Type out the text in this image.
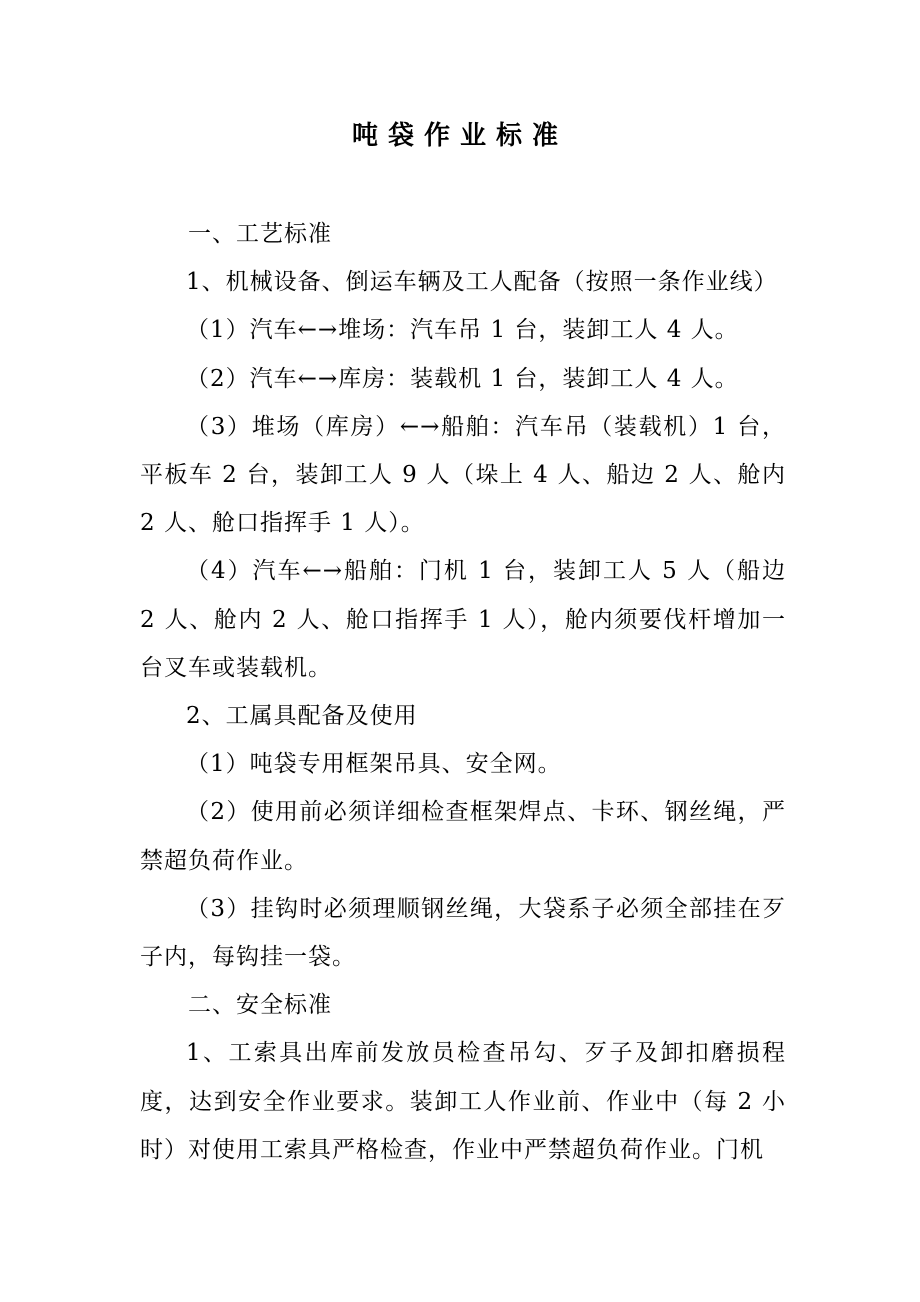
吨袋作业标准

一、工艺标准

1、机械设备、倒运车辆及工人配备（按照一条作业线）

（1）汽车←→堆场：汽车吊 1 台，装卸工人 4 人。

（2）汽车←→库房：装载机 1 台，装卸工人 4 人。

（3）堆场（库房）←→船舶：汽车吊（装载机）1 台，平板车 2 台，装卸工人 9 人（垛上 4 人、船边 2 人、舱内 2 人、舱口指挥手 1 人）。

（4）汽车←→船舶：门机 1 台，装卸工人 5 人（船边 2 人、舱内 2 人、舱口指挥手 1 人），舱内须要伐杆增加一台叉车或装载机。

2、工属具配备及使用

（1）吨袋专用框架吊具、安全网。

（2）使用前必须详细检查框架焊点、卡环、钢丝绳，严禁超负荷作业。

（3）挂钩时必须理顺钢丝绳，大袋系子必须全部挂在歹子内，每钩挂一袋。

二、安全标准

1、工索具出库前发放员检查吊勾、歹子及卸扣磨损程度，达到安全作业要求。装卸工人作业前、作业中（每 2 小时）对使用工索具严格检查，作业中严禁超负荷作业。门机
